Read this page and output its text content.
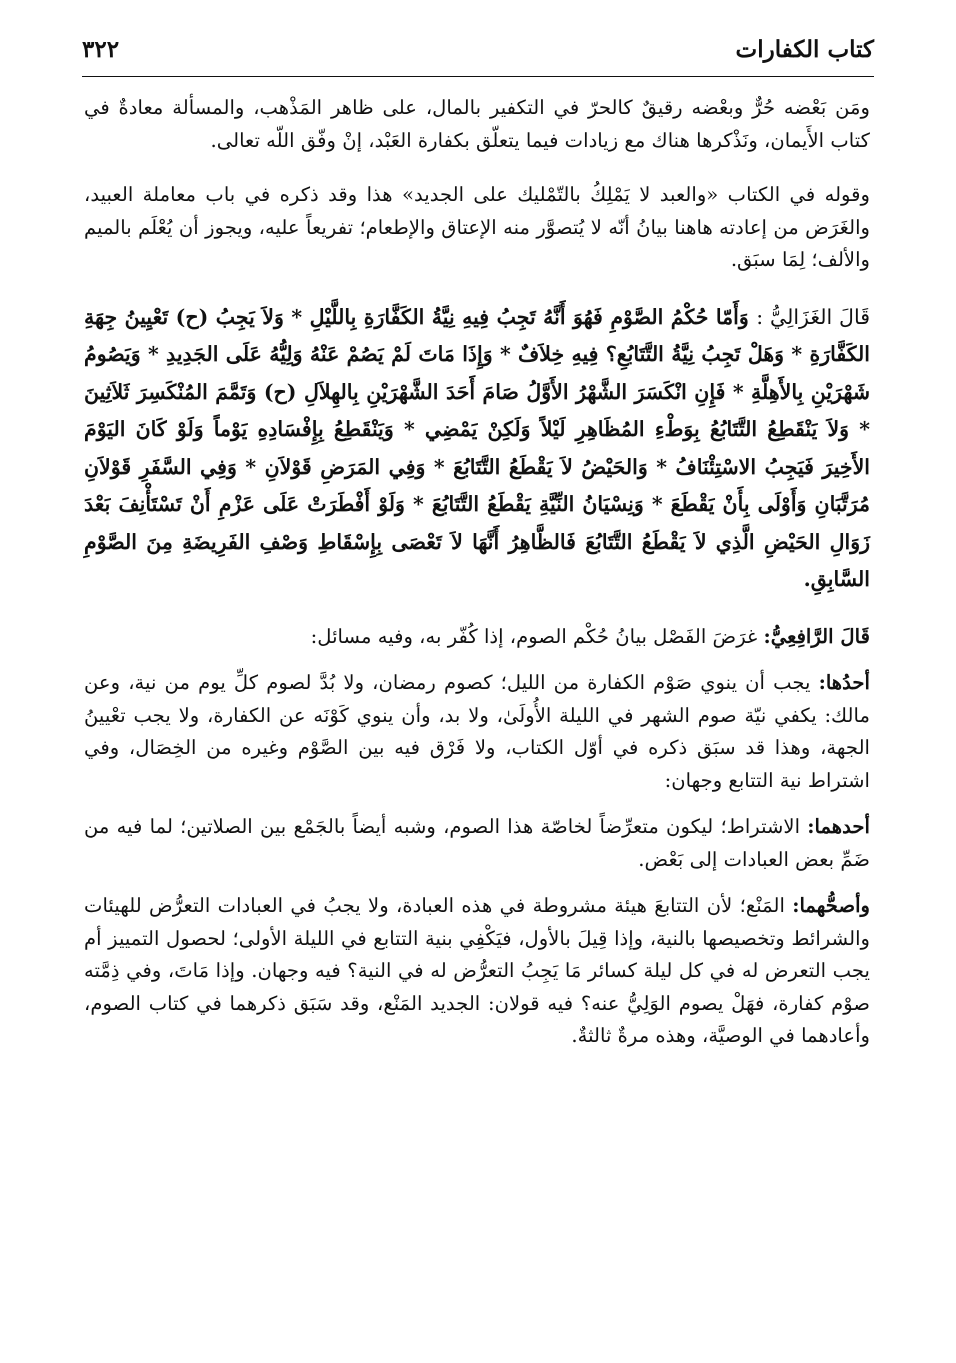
كتاب الكفارات
٣٢٢

ومَن بَعْضه حُرٌّ وبعْضه رقيقٌ كالحرّ في التكفير بالمال، على ظاهر المَذْهب، والمسألة معادةٌ في كتاب الأَيمان، ونَذْكرها هناك مع زيادات فيما يتعلّق بكفارة العَبْد، إنْ وفّق اللّه تعالى.

وقوله في الكتاب «والعبد لا يَمْلِكُ بالتّمْليك على الجديد» هذا وقد ذكره في باب معاملة العبيد، والغَرَض من إعادته هاهنا بيانُ أنّه لا يُتصوَّر منه الإعتاق والإطعام؛ تفريعاً عليه، ويجوز أن يُعْلَم بالميم والألف؛ لِمَا سبَق.

قَالَ الغَزَالِيُّ : وَأَمّا حُكْمُ الصَّوْمِ فَهُوَ أَنَّهُ تَجِبُ فِيهِ نِيَّةُ الكَفَّارَةِ بِاللَّيْلِ * وَلاَ يَجِبُ (ح) تَعْيِينُ جِهَةِ الكَفَّارَةِ * وَهَلْ تَجِبُ نِيَّةُ التَّتَابُعِ؟ فِيهِ خِلاَفٌ * وَإِذَا مَاتَ لَمْ يَصُمْ عَنْهُ وَلِيُّهُ عَلَى الجَدِيدِ * وَيَصُومُ شَهْرَيْنِ بِالأَهِلَّةِ * فَإِنِ انْكَسَرَ الشَّهْرُ الأَوَّلُ صَامَ أَحَدَ الشَّهْرَيْنِ بِالهِلاَلِ (ح) وَتَمَّمَ المُنْكَسِرَ ثَلاَثِينَ * وَلاَ يَنْقَطِعُ التَّتَابُعُ بِوَطْءِ المُظَاهِرِ لَيْلاً وَلَكِنْ يَمْضِي * وَيَنْقَطِعُ بِإِفْسَادِهِ يَوْماً وَلَوْ كَانَ اليَوْمَ الأَخِيرَ فَيَجِبُ الاسْتِئْنَافُ * وَالحَيْضُ لاَ يَقْطَعُ التَّتَابُعَ * وَفِي المَرَضِ قَوْلاَنِ * وَفِي السَّفَرِ قَوْلاَنِ مُرَتَّبَانِ وَأَوْلَى بِأَنْ يَقْطَعَ * وَنِسْيَانُ النِّيَّةِ يَقْطَعُ التَّتَابُعَ * وَلَوْ أَفْطَرَتْ عَلَى عَزْمِ أَنْ تَسْتَأْنِفَ بَعْدَ زَوَالِ الحَيْضِ الَّذِي لاَ يَقْطَعُ التَّتَابُعَ فَالظَّاهِرُ أَنَّهَا لاَ تَعْصَى بِإِسْقَاطِ وَصْفِ الفَرِيضَةِ مِنَ الصَّوْمِ السَّابِقِ.

قَالَ الرَّافِعِيُّ: غرَضَ الفَصْل بيانُ حُكْم الصوم، إذا كُفّر به، وفيه مسائل:

أحدُها: يجب أن ينوي صَوْم الكفارة من الليل؛ كصوم رمضان، ولا بُدَّ لصوم كلِّ يوم من نية، وعن مالك: يكفي نيّة صوم الشهر في الليلة الأُولَىٰ، ولا بد، وأن ينوي كَوْنَه عن الكفارة، ولا يجب تعْيينُ الجهة، وهذا قد سبَق ذكره في أوّل الكتاب، ولا فَرْق فيه بين الصَّوْم وغيره من الخِصَال، وفي اشتراط نية التتابع وجهان:

أحدهما: الاشتراط؛ ليكون متعرِّضاً لخاصّة هذا الصوم، وشبه أيضاً بالجَمْع بين الصلاتين؛ لما فيه من ضَمِّ بعض العبادات إلى بَعْض.

وأصحُّهما: المَنْع؛ لأن التتابعَ هيئة مشروطة في هذه العبادة، ولا يجبُ في العبادات التعرُّض للهيئات والشرائط وتخصيصها بالنية، وإذا قِيلَ بالأول، فيَكْفِي بنية التتابع في الليلة الأولى؛ لحصول التمييز أم يجب التعرض له في كل ليلة كسائر مَا يَجِبُ التعرُّض له في النية؟ فيه وجهان. وإذا مَاتَ، وفي ذِمَّته صوْم كفارة، فهَلْ يصوم الوَلِيُّ عنه؟ فيه قولان: الجديد المَنْع، وقد سَبَق ذكرهما في كتاب الصوم، وأعادهما في الوصيَّة، وهذه مرةٌ ثالثةٌ.
